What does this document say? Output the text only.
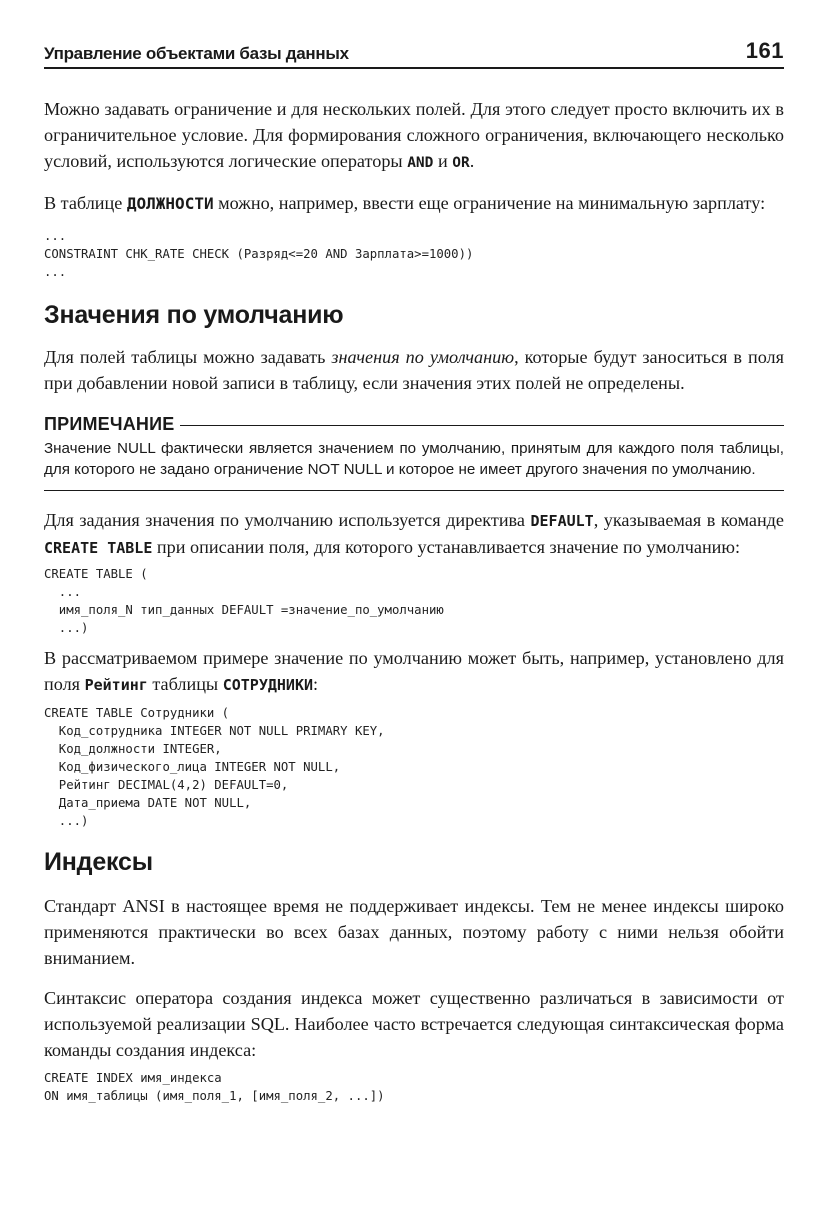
Управление объектами базы данных	161

Можно задавать ограничение и для нескольких полей. Для этого следует просто включить их в ограничительное условие. Для формирования сложного ограничения, включающего несколько условий, используются логические операторы AND и OR.

В таблице ДОЛЖНОСТИ можно, например, ввести еще ограничение на минимальную зарплату:

...
CONSTRAINT CHK_RATE CHECK (Разряд<=20 AND Зарплата>=1000))
...
Значения по умолчанию

Для полей таблицы можно задавать значения по умолчанию, которые будут заноситься в поля при добавлении новой записи в таблицу, если значения этих полей не определены.

ПРИМЕЧАНИЕ

Значение NULL фактически является значением по умолчанию, принятым для каждого поля таблицы, для которого не задано ограничение NOT NULL и которое не имеет другого значения по умолчанию.

Для задания значения по умолчанию используется директива DEFAULT, указываемая в команде CREATE TABLE при описании поля, для которого устанавливается значение по умолчанию:

CREATE TABLE (
...
имя_поля_N тип_данных DEFAULT =значение_по_умолчанию
...)

В рассматриваемом примере значение по умолчанию может быть, например, установлено для поля Рейтинг таблицы СОТРУДНИКИ:

CREATE TABLE Сотрудники (
Код_сотрудника INTEGER NOT NULL PRIMARY KEY,
Код_должности INTEGER,
Код_физического_лица INTEGER NOT NULL,
Рейтинг DECIMAL(4,2) DEFAULT=0,
Дата_приема DATE NOT NULL,
...)
Индексы

Стандарт ANSI в настоящее время не поддерживает индексы. Тем не менее индексы широко применяются практически во всех базах данных, поэтому работу с ними нельзя обойти вниманием.

Синтаксис оператора создания индекса может существенно различаться в зависимости от используемой реализации SQL. Наиболее часто встречается следующая синтаксическая форма команды создания индекса:

CREATE INDEX имя_индекса
ON имя_таблицы (имя_поля_1, [имя_поля_2, ...])
